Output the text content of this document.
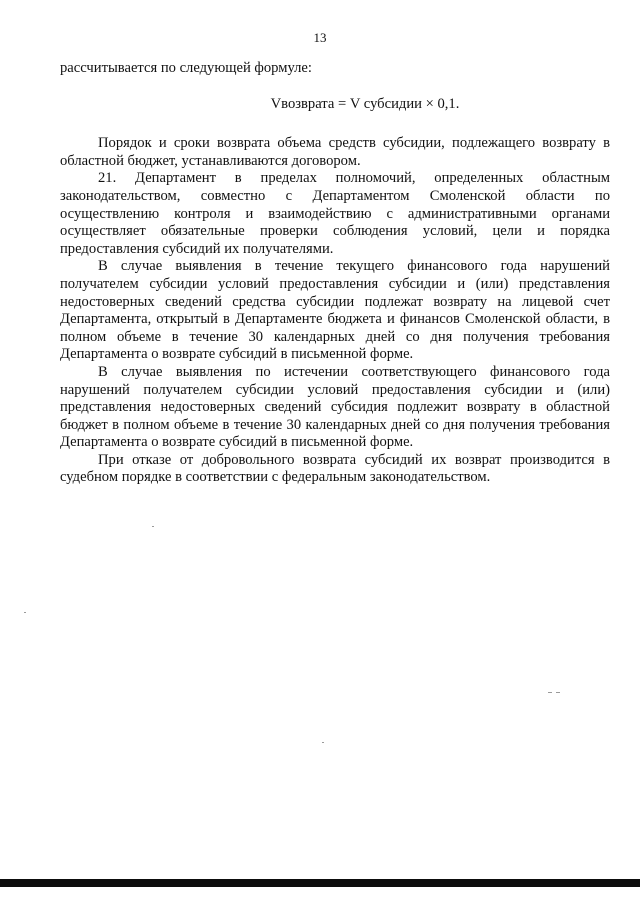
13

рассчитывается по следующей формуле:

Vвозврата = V субсидии × 0,1.

Порядок и сроки возврата объема средств субсидии, подлежащего возврату в областной бюджет, устанавливаются договором.

21. Департамент в пределах полномочий, определенных областным законодательством, совместно с Департаментом Смоленской области по осуществлению контроля и взаимодействию с административными органами осуществляет обязательные проверки соблюдения условий, цели и порядка предоставления субсидий их получателями.

В случае выявления в течение текущего финансового года нарушений получателем субсидии условий предоставления субсидии и (или) представления недостоверных сведений средства субсидии подлежат возврату на лицевой счет Департамента, открытый в Департаменте бюджета и финансов Смоленской области, в полном объеме в течение 30 календарных дней со дня получения требования Департамента о возврате субсидий в письменной форме.

В случае выявления по истечении соответствующего финансового года нарушений получателем субсидии условий предоставления субсидии и (или) представления недостоверных сведений субсидия подлежит возврату в областной бюджет в полном объеме в течение 30 календарных дней со дня получения требования Департамента о возврате субсидий в письменной форме.

При отказе от добровольного возврата субсидий их возврат производится в судебном порядке в соответствии с федеральным законодательством.
